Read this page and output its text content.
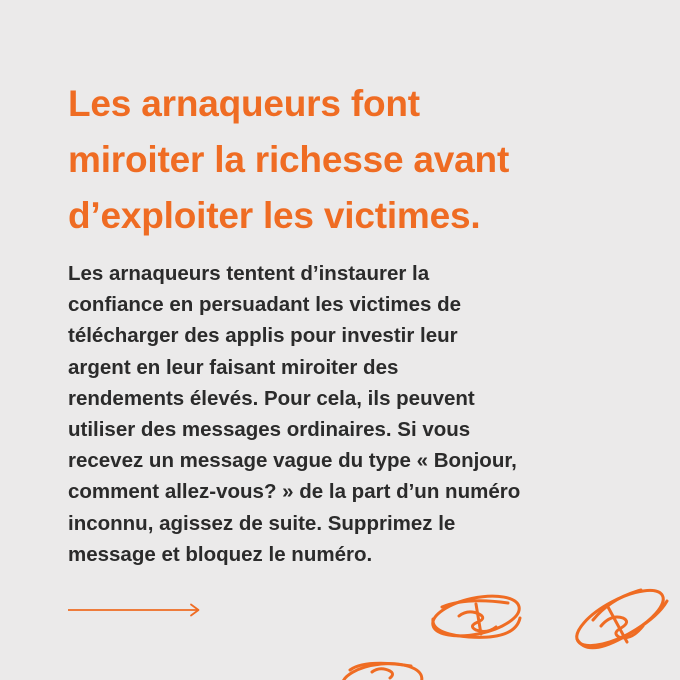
Les arnaqueurs font
miroiter la richesse avant
d’exploiter les victimes.

Les arnaqueurs tentent d’instaurer la
confiance en persuadant les victimes de
télécharger des applis pour investir leur
argent en leur faisant miroiter des
rendements élevés. Pour cela, ils peuvent
utiliser des messages ordinaires. Si vous
recevez un message vague du type « Bonjour,
comment allez-vous? » de la part d’un numéro
inconnu, agissez de suite. Supprimez le
message et bloquez le numéro.
